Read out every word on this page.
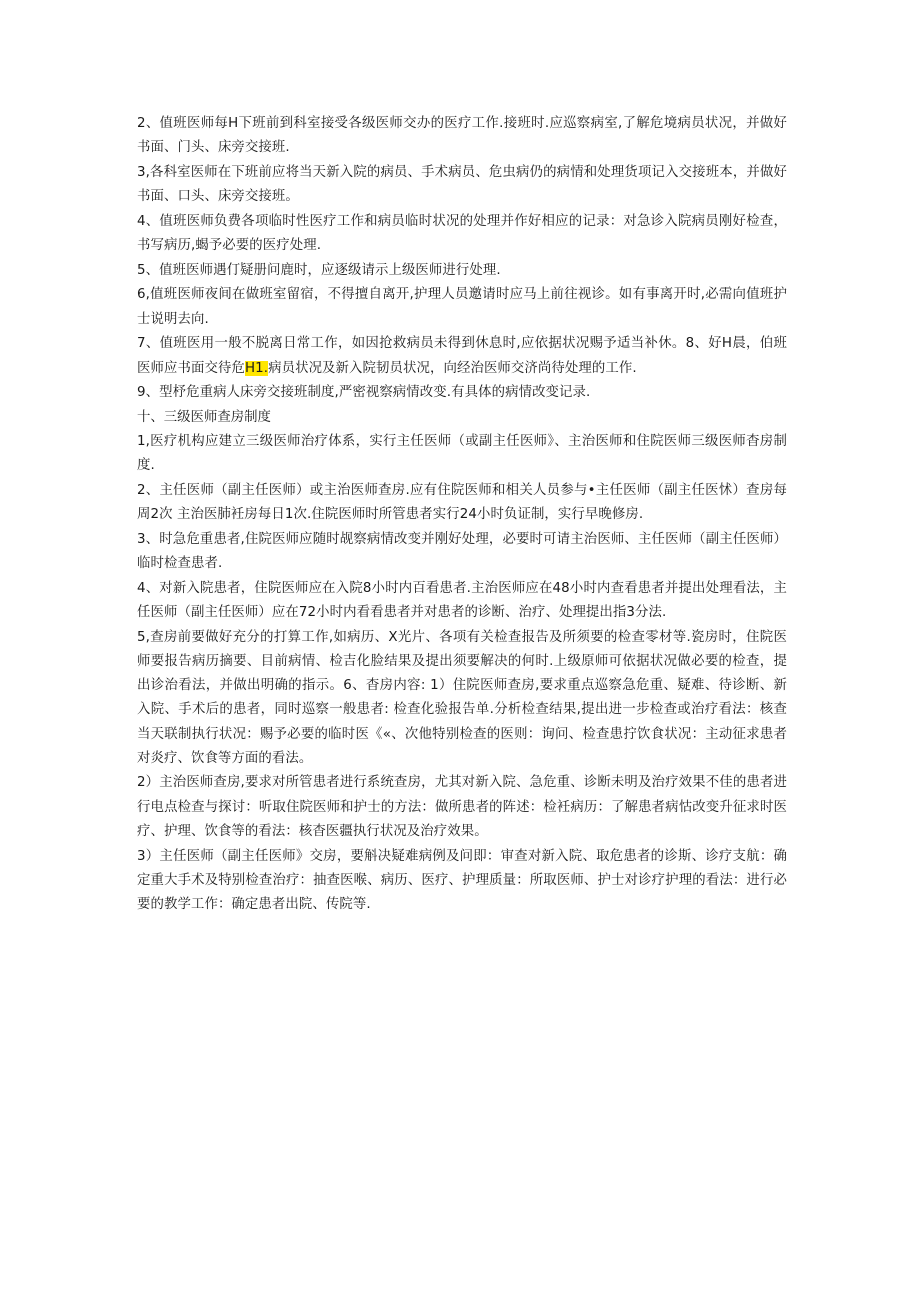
2、值班医师每H下班前到科室接受各级医师交办的医疗工作.接班时.应巡察病室,了解危境病员状况，并做好书面、门头、床旁交接班.

3,各科室医师在下班前应将当天新入院的病员、手术病员、危虫病仍的病情和处理货项记入交接班本，并做好书面、口头、床旁交接班。

4、值班医师负费各项临时性医疗工作和病员临时状况的处理并作好相应的记录：对急诊入院病员刚好检查，书写病历,蝎予必要的医疗处理.

5、值班医师遇仃疑册问鹿时，应逐级请示上级医师进行处理.

6,值班医师夜间在做班室留宿，不得擅自离开,护理人员邀请时应马上前往视诊。如有事离开时,必需向值班护士说明去向.

7、值班医用一般不脱离日常工作，如因抢救病员未得到休息时,应依据状况赐予适当补休。8、好H晨，伯班医师应书面交待危H1.病员状况及新入院韧员状况，向经治医师交济尚待处理的工作.

9、型杼危重病人床旁交接班制度,严密视察病情改变.有具体的病情改变记录.

十、三级医师查房制度

1,医疗机构应建立三级医师治疗体系，实行主任医师（或副主任医师》、主治医师和住院医师三级医师杳房制度.

2、主任医师（副主任医师）或主治医师查房.应有住院医师和相关人员参与•主任医师（副主任医怵）查房每周2次 主治医肺衽房每日1次.住院医师时所管患者实行24小时负证制，实行早晚修房.

3、时急危重患者,住院医师应随时觇察病情改变并刚好处理，必要时可请主治医师、主任医师（副主任医师）临时检查患者.

4、对新入院患者，住院医师应在入院8小时内百看患者.主治医师应在48小时内查看患者并提出处理看法，主任医师（副主任医师）应在72小时内看看患者并对患者的诊断、治疗、处理提出指3分法.

5,查房前要做好充分的打算工作,如病历、X光片、各项有关检查报告及所须要的检查零材等.瓷房时，住院医师要报告病历摘要、目前病情、检吉化脸结果及提出须要解决的何时.上级原师可依据状况做必要的检查，提出诊治看法，并做出明确的指示。6、杳房内容: 1）住院医师查房,要求重点巡察急危重、疑难、待诊断、新入院、手术后的患者，同时巡察一般患者: 检查化验报告单.分析检查结果,提出进一步检查或治疗看法：核查当天联制执行状况：赐予必要的临时医《«、次他特别检查的医则：询问、检查患拧饮食状况：主动征求患者对炎疗、饮食等方面的看法。

2）主治医师查房,要求对所管患者进行系统查房，尤其对新入院、急危重、诊断未明及治疗效果不佳的患者进行电点检查与探讨：听取住院医师和护士的方法：做所患者的阵述：检衽病历：了解患者病怙改变升征求时医疗、护理、饮食等的看法：核杳医疆执行状况及治疗效果。

3）主任医师（副主任医师》交房，要斛决疑难病例及问即：审查对新入院、取危患者的诊斯、诊疗支航：确定重大手术及特别检查治疗：抽查医喉、病历、医疗、护理质量：所取医师、护士对诊疗护理的看法：进行必要的教学工作：确定患者出院、传院等.
